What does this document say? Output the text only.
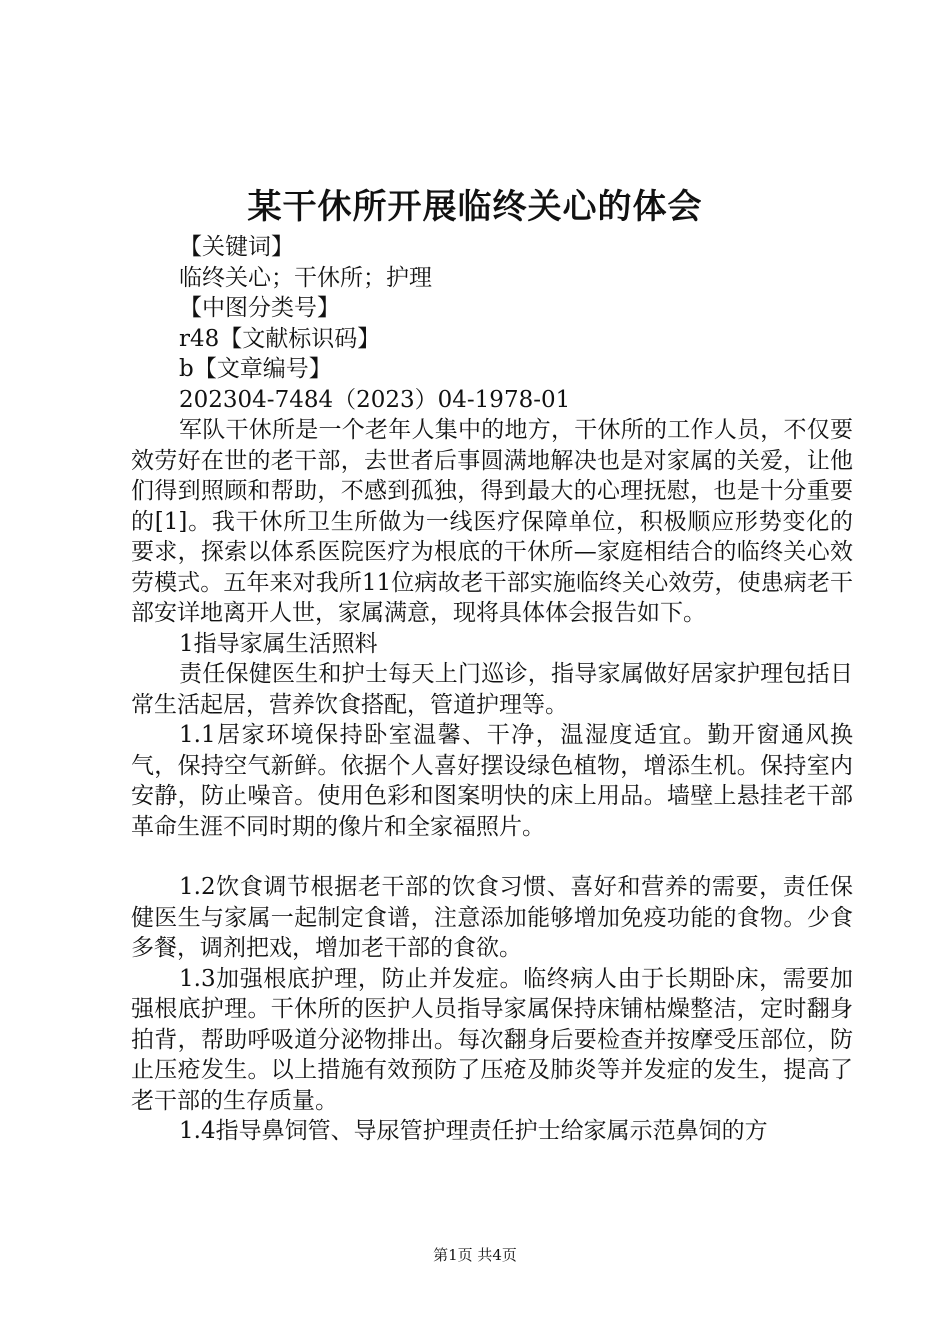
某干休所开展临终关心的体会

【关键词】

临终关心；干休所；护理

【中图分类号】

r48【文献标识码】

b【文章编号】

202304-7484（2023）04-1978-01

军队干休所是一个老年人集中的地方，干休所的工作人员，不仅要效劳好在世的老干部，去世者后事圆满地解决也是对家属的关爱，让他们得到照顾和帮助，不感到孤独，得到最大的心理抚慰，也是十分重要的[1]。我干休所卫生所做为一线医疗保障单位，积极顺应形势变化的要求，探索以体系医院医疗为根底的干休所—家庭相结合的临终关心效劳模式。五年来对我所11位病故老干部实施临终关心效劳，使患病老干部安详地离开人世，家属满意，现将具体体会报告如下。

1指导家属生活照料

责任保健医生和护士每天上门巡诊，指导家属做好居家护理包括日常生活起居，营养饮食搭配，管道护理等。

1.1居家环境保持卧室温馨、干净，温湿度适宜。勤开窗通风换气，保持空气新鲜。依据个人喜好摆设绿色植物，增添生机。保持室内安静，防止噪音。使用色彩和图案明快的床上用品。墙壁上悬挂老干部革命生涯不同时期的像片和全家福照片。

1.2饮食调节根据老干部的饮食习惯、喜好和营养的需要，责任保健医生与家属一起制定食谱，注意添加能够增加免疫功能的食物。少食多餐，调剂把戏，增加老干部的食欲。

1.3加强根底护理，防止并发症。临终病人由于长期卧床，需要加强根底护理。干休所的医护人员指导家属保持床铺枯燥整洁，定时翻身拍背，帮助呼吸道分泌物排出。每次翻身后要检查并按摩受压部位，防止压疮发生。以上措施有效预防了压疮及肺炎等并发症的发生，提高了老干部的生存质量。

1.4指导鼻饲管、导尿管护理责任护士给家属示范鼻饲的方

第1页 共4页
